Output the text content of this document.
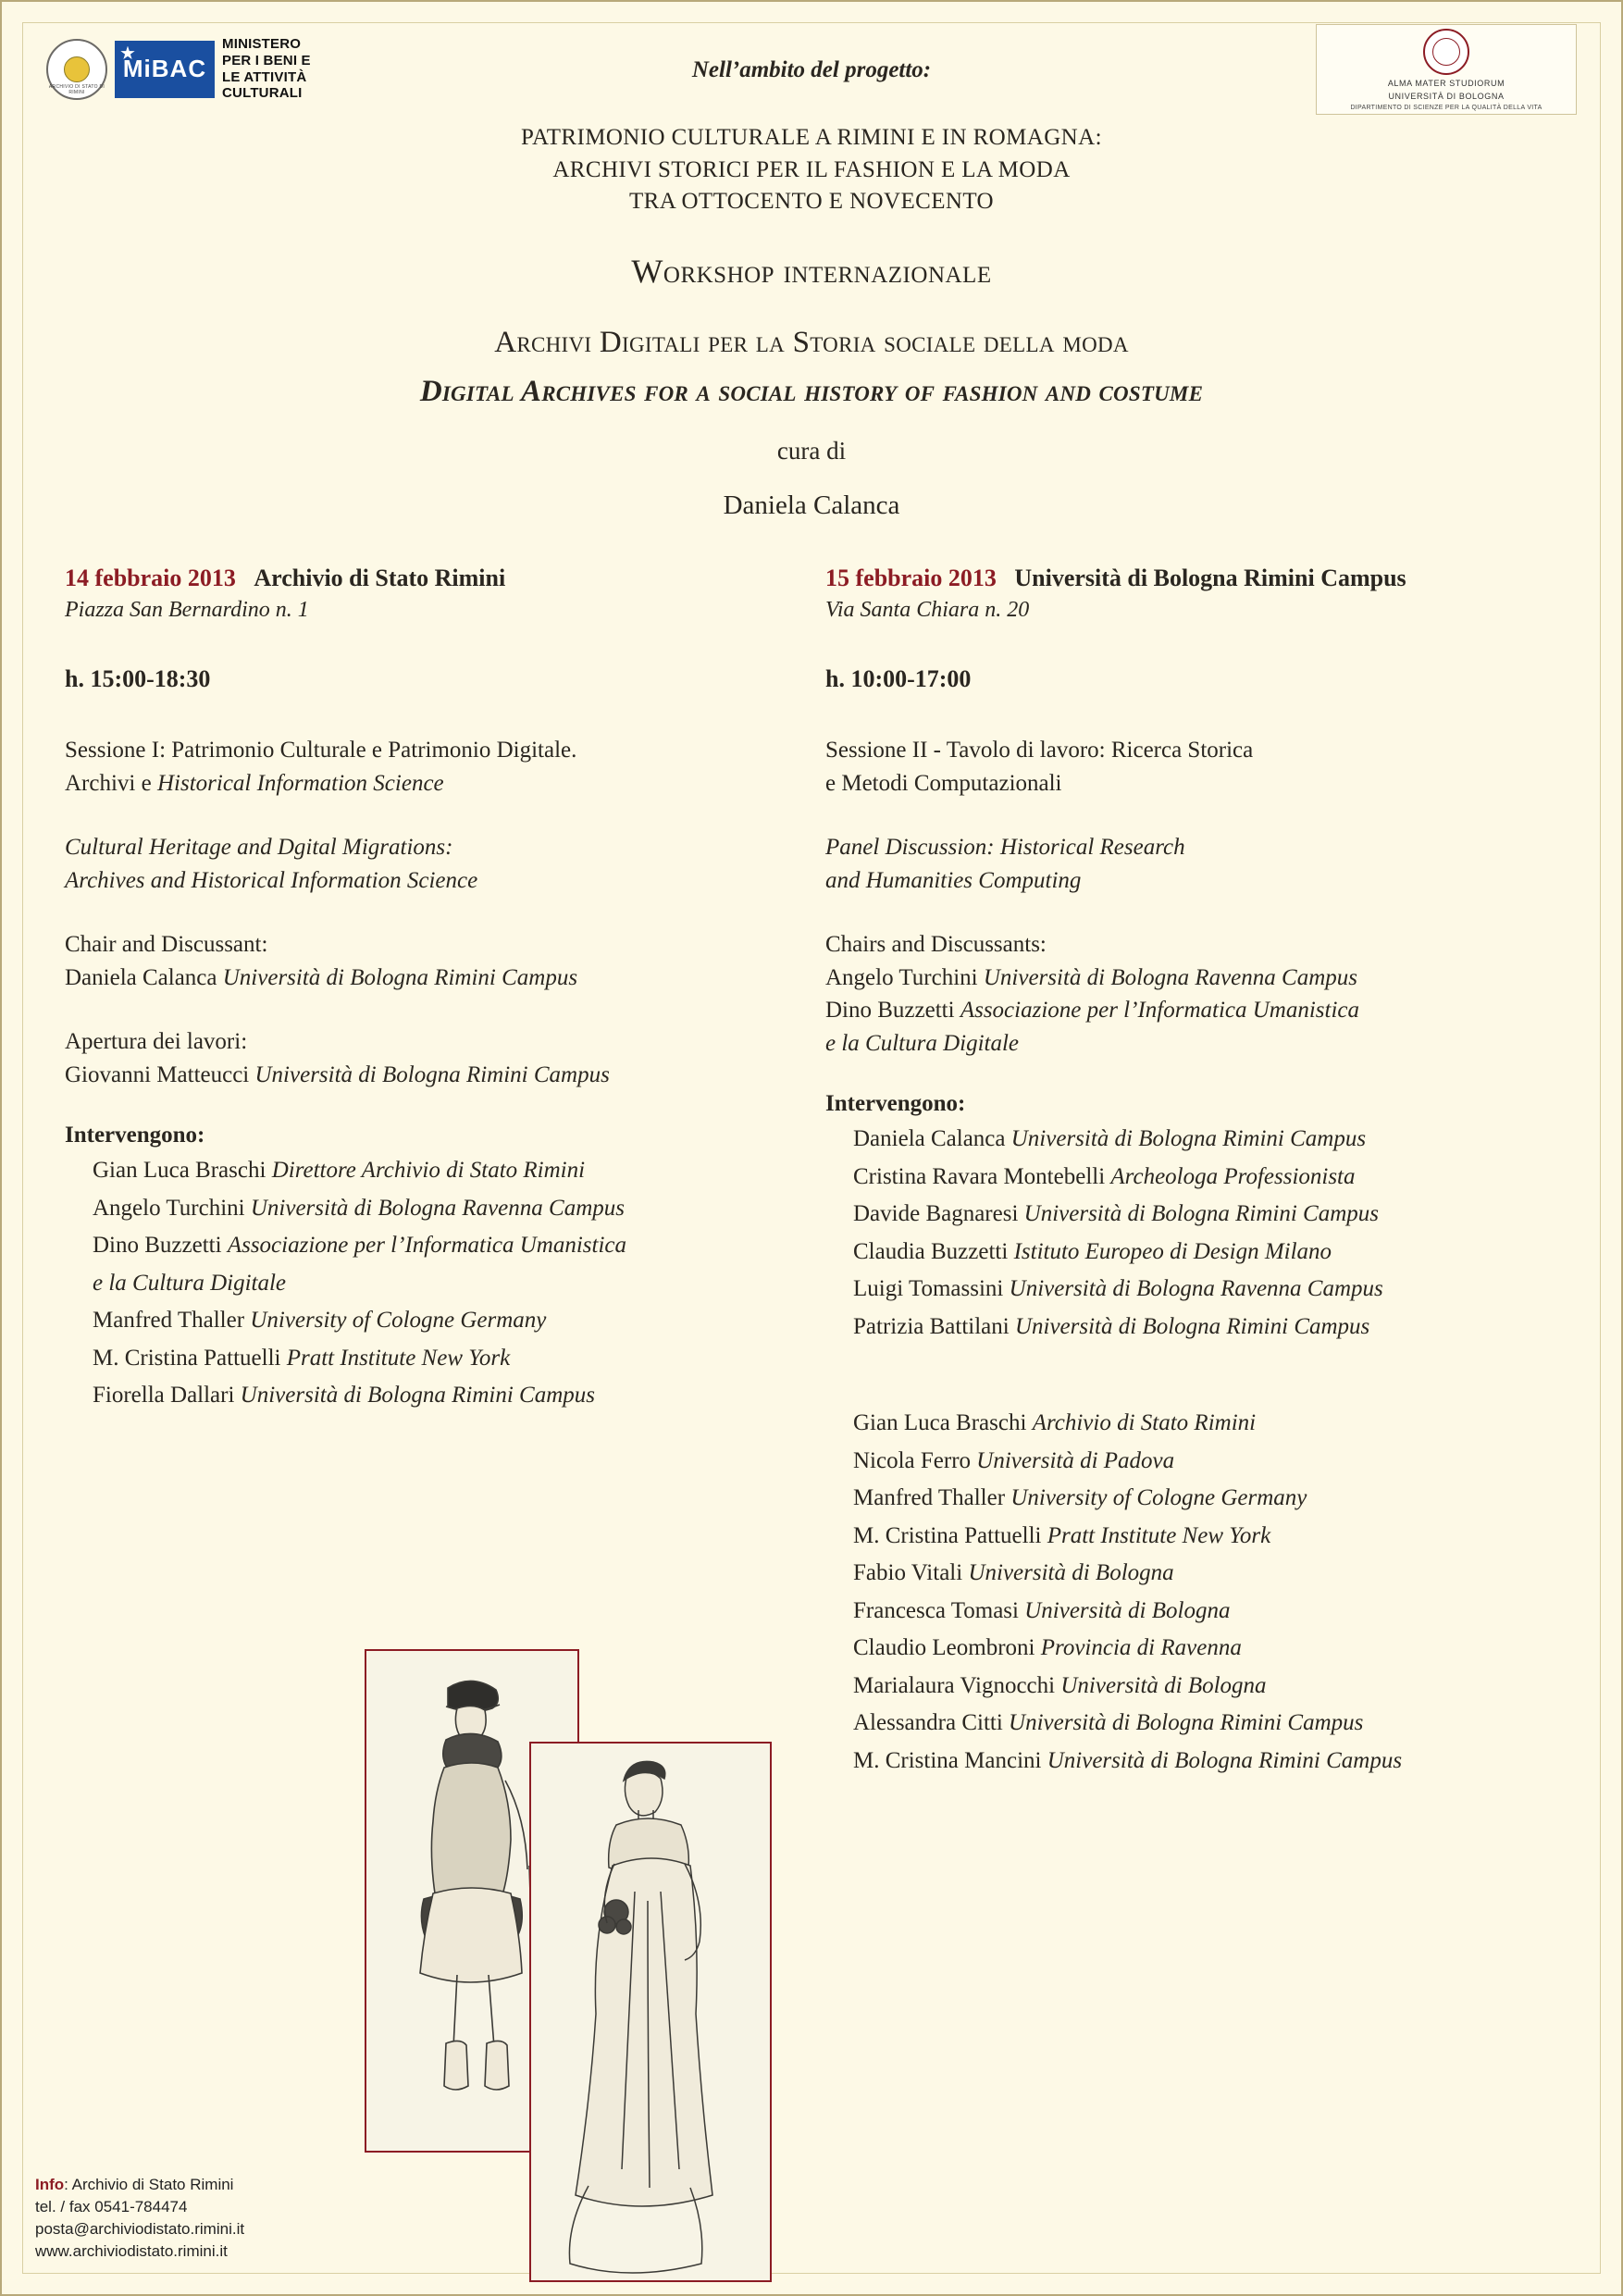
ARCHIVIO DI STATO DI RIMINI
MiBAC
MINISTERO
PER I BENI E
LE ATTIVITÀ
CULTURALI
ALMA MATER STUDIORUM
UNIVERSITÀ DI BOLOGNA
DIPARTIMENTO DI SCIENZE PER LA QUALITÀ DELLA VITA
Nell’ambito del progetto:
PATRIMONIO CULTURALE A RIMINI E IN ROMAGNA:
ARCHIVI STORICI PER IL FASHION E LA MODA
TRA OTTOCENTO E NOVECENTO
Workshop internazionale
Archivi Digitali per la Storia sociale della moda
Digital Archives for a social history of fashion and costume
cura di
Daniela Calanca
14 febbraio 2013 Archivio di Stato Rimini
Piazza San Bernardino n. 1
h. 15:00-18:30
Sessione I: Patrimonio Culturale e Patrimonio Digitale.
Archivi e Historical Information Science
Cultural Heritage and Dgital Migrations:
Archives and Historical Information Science
Chair and Discussant:
Daniela Calanca Università di Bologna Rimini Campus
Apertura dei lavori:
Giovanni Matteucci Università di Bologna Rimini Campus
Intervengono:
Gian Luca Braschi Direttore Archivio di Stato Rimini
Angelo Turchini Università di Bologna Ravenna Campus
Dino Buzzetti Associazione per l’Informatica Umanistica
e la Cultura Digitale
Manfred Thaller University of Cologne Germany
M. Cristina Pattuelli Pratt Institute New York
Fiorella Dallari Università di Bologna Rimini Campus
15 febbraio 2013 Università di Bologna Rimini Campus
Via Santa Chiara n. 20
h. 10:00-17:00
Sessione II - Tavolo di lavoro: Ricerca Storica
e Metodi Computazionali
Panel Discussion: Historical Research
and Humanities Computing
Chairs and Discussants:
Angelo Turchini Università di Bologna Ravenna Campus
Dino Buzzetti Associazione per l’Informatica Umanistica
e la Cultura Digitale
Intervengono:
Daniela Calanca Università di Bologna Rimini Campus
Cristina Ravara Montebelli Archeologa Professionista
Davide Bagnaresi Università di Bologna Rimini Campus
Claudia Buzzetti Istituto Europeo di Design Milano
Luigi Tomassini Università di Bologna Ravenna Campus
Patrizia Battilani Università di Bologna Rimini Campus
Gian Luca Braschi Archivio di Stato Rimini
Nicola Ferro Università di Padova
Manfred Thaller University of Cologne Germany
M. Cristina Pattuelli Pratt Institute New York
Fabio Vitali Università di Bologna
Francesca Tomasi Università di Bologna
Claudio Leombroni Provincia di Ravenna
Marialaura Vignocchi Università di Bologna
Alessandra Citti Università di Bologna Rimini Campus
M. Cristina Mancini Università di Bologna Rimini Campus
Info: Archivio di Stato Rimini
tel. / fax 0541-784474
posta@archiviodistato.rimini.it
www.archiviodistato.rimini.it
